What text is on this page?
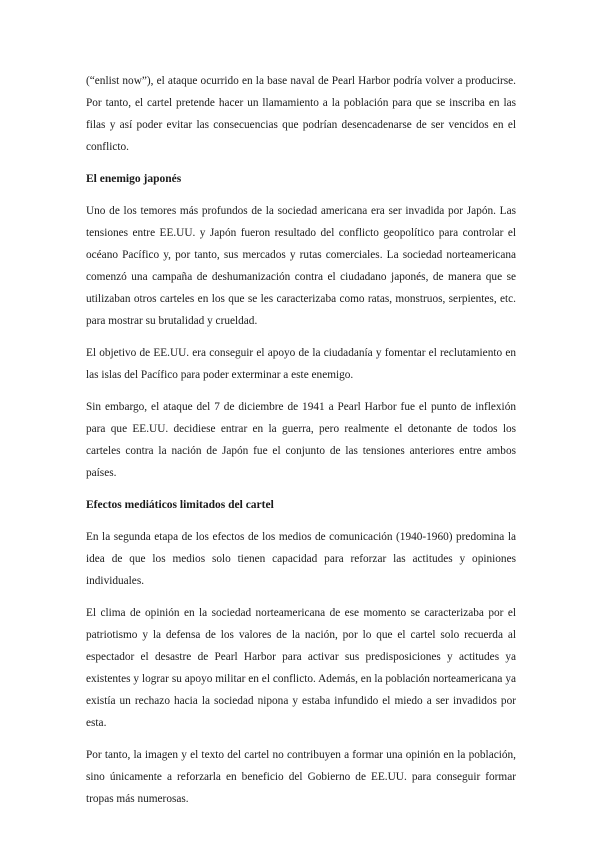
(“enlist now”), el ataque ocurrido en la base naval de Pearl Harbor podría volver a producirse. Por tanto, el cartel pretende hacer un llamamiento a la población para que se inscriba en las filas y así poder evitar las consecuencias que podrían desencadenarse de ser vencidos en el conflicto.

El enemigo japonés

Uno de los temores más profundos de la sociedad americana era ser invadida por Japón. Las tensiones entre EE.UU. y Japón fueron resultado del conflicto geopolítico para controlar el océano Pacífico y, por tanto, sus mercados y rutas comerciales. La sociedad norteamericana comenzó una campaña de deshumanización contra el ciudadano japonés, de manera que se utilizaban otros carteles en los que se les caracterizaba como ratas, monstruos, serpientes, etc. para mostrar su brutalidad y crueldad.

El objetivo de EE.UU. era conseguir el apoyo de la ciudadanía y fomentar el reclutamiento en las islas del Pacífico para poder exterminar a este enemigo.

Sin embargo, el ataque del 7 de diciembre de 1941 a Pearl Harbor fue el punto de inflexión para que EE.UU. decidiese entrar en la guerra, pero realmente el detonante de todos los carteles contra la nación de Japón fue el conjunto de las tensiones anteriores entre ambos países.

Efectos mediáticos limitados del cartel

En la segunda etapa de los efectos de los medios de comunicación (1940-1960) predomina la idea de que los medios solo tienen capacidad para reforzar las actitudes y opiniones individuales.

El clima de opinión en la sociedad norteamericana de ese momento se caracterizaba por el patriotismo y la defensa de los valores de la nación, por lo que el cartel solo recuerda al espectador el desastre de Pearl Harbor para activar sus predisposiciones y actitudes ya existentes y lograr su apoyo militar en el conflicto. Además, en la población norteamericana ya existía un rechazo hacia la sociedad nipona y estaba infundido el miedo a ser invadidos por esta.

Por tanto, la imagen y el texto del cartel no contribuyen a formar una opinión en la población, sino únicamente a reforzarla en beneficio del Gobierno de EE.UU. para conseguir formar tropas más numerosas.
